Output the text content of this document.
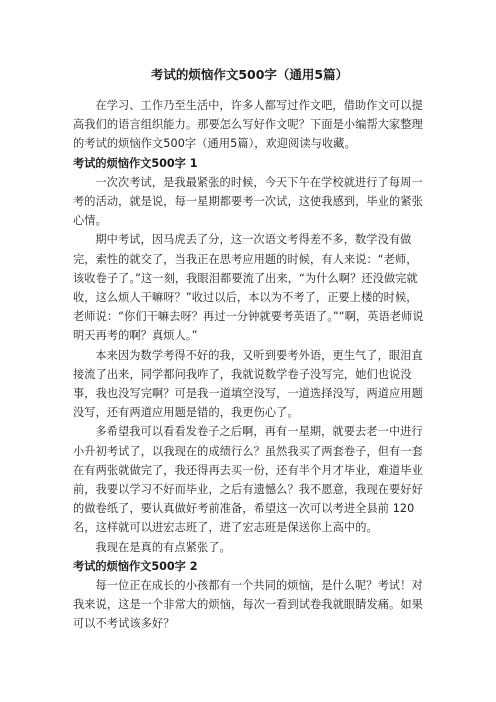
考试的烦恼作文500字（通用5篇）

在学习、工作乃至生活中，许多人都写过作文吧，借助作文可以提高我们的语言组织能力。那要怎么写好作文呢？下面是小编帮大家整理的考试的烦恼作文500字（通用5篇），欢迎阅读与收藏。

考试的烦恼作文500字 1

一次次考试，是我最紧张的时候，今天下午在学校就进行了每周一考的活动，就是说，每一星期都要考一次试，这使我感到，毕业的紧张心情。

期中考试，因马虎丢了分，这一次语文考得差不多，数学没有做完，索性的就交了，当我正在思考应用题的时候，有人来说：“老师，该收卷子了。”这一刻，我眼泪都要流了出来，“为什么啊？还没做完就收，这么烦人干嘛呀？”收过以后，本以为不考了，正要上楼的时候，老师说：“你们干嘛去呀？再过一分钟就要考英语了。”“啊，英语老师说明天再考的啊？真烦人。”

本来因为数学考得不好的我，又听到要考外语，更生气了，眼泪直接流了出来，同学都问我咋了，我就说数学卷子没写完，她们也说没事，我也没写完啊？可是我一道填空没写，一道选择没写，两道应用题没写，还有两道应用题是错的，我更伤心了。

多希望我可以看看发卷子之后啊，再有一星期，就要去老一中进行小升初考试了，以我现在的成绩行么？虽然我买了两套卷子，但有一套在有两张就做完了，我还得再去买一份，还有半个月才毕业，难道毕业前，我要以学习不好而毕业，之后有遗憾么？我不愿意，我现在要好好的做卷纸了，要认真做好考前准备，希望这一次可以考进全县前 120 名，这样就可以进宏志班了，进了宏志班是保送你上高中的。

我现在是真的有点紧张了。

考试的烦恼作文500字 2

每一位正在成长的小孩都有一个共同的烦恼，是什么呢？考试！对我来说，这是一个非常大的烦恼，每次一看到试卷我就眼睛发痛。如果可以不考试该多好？
